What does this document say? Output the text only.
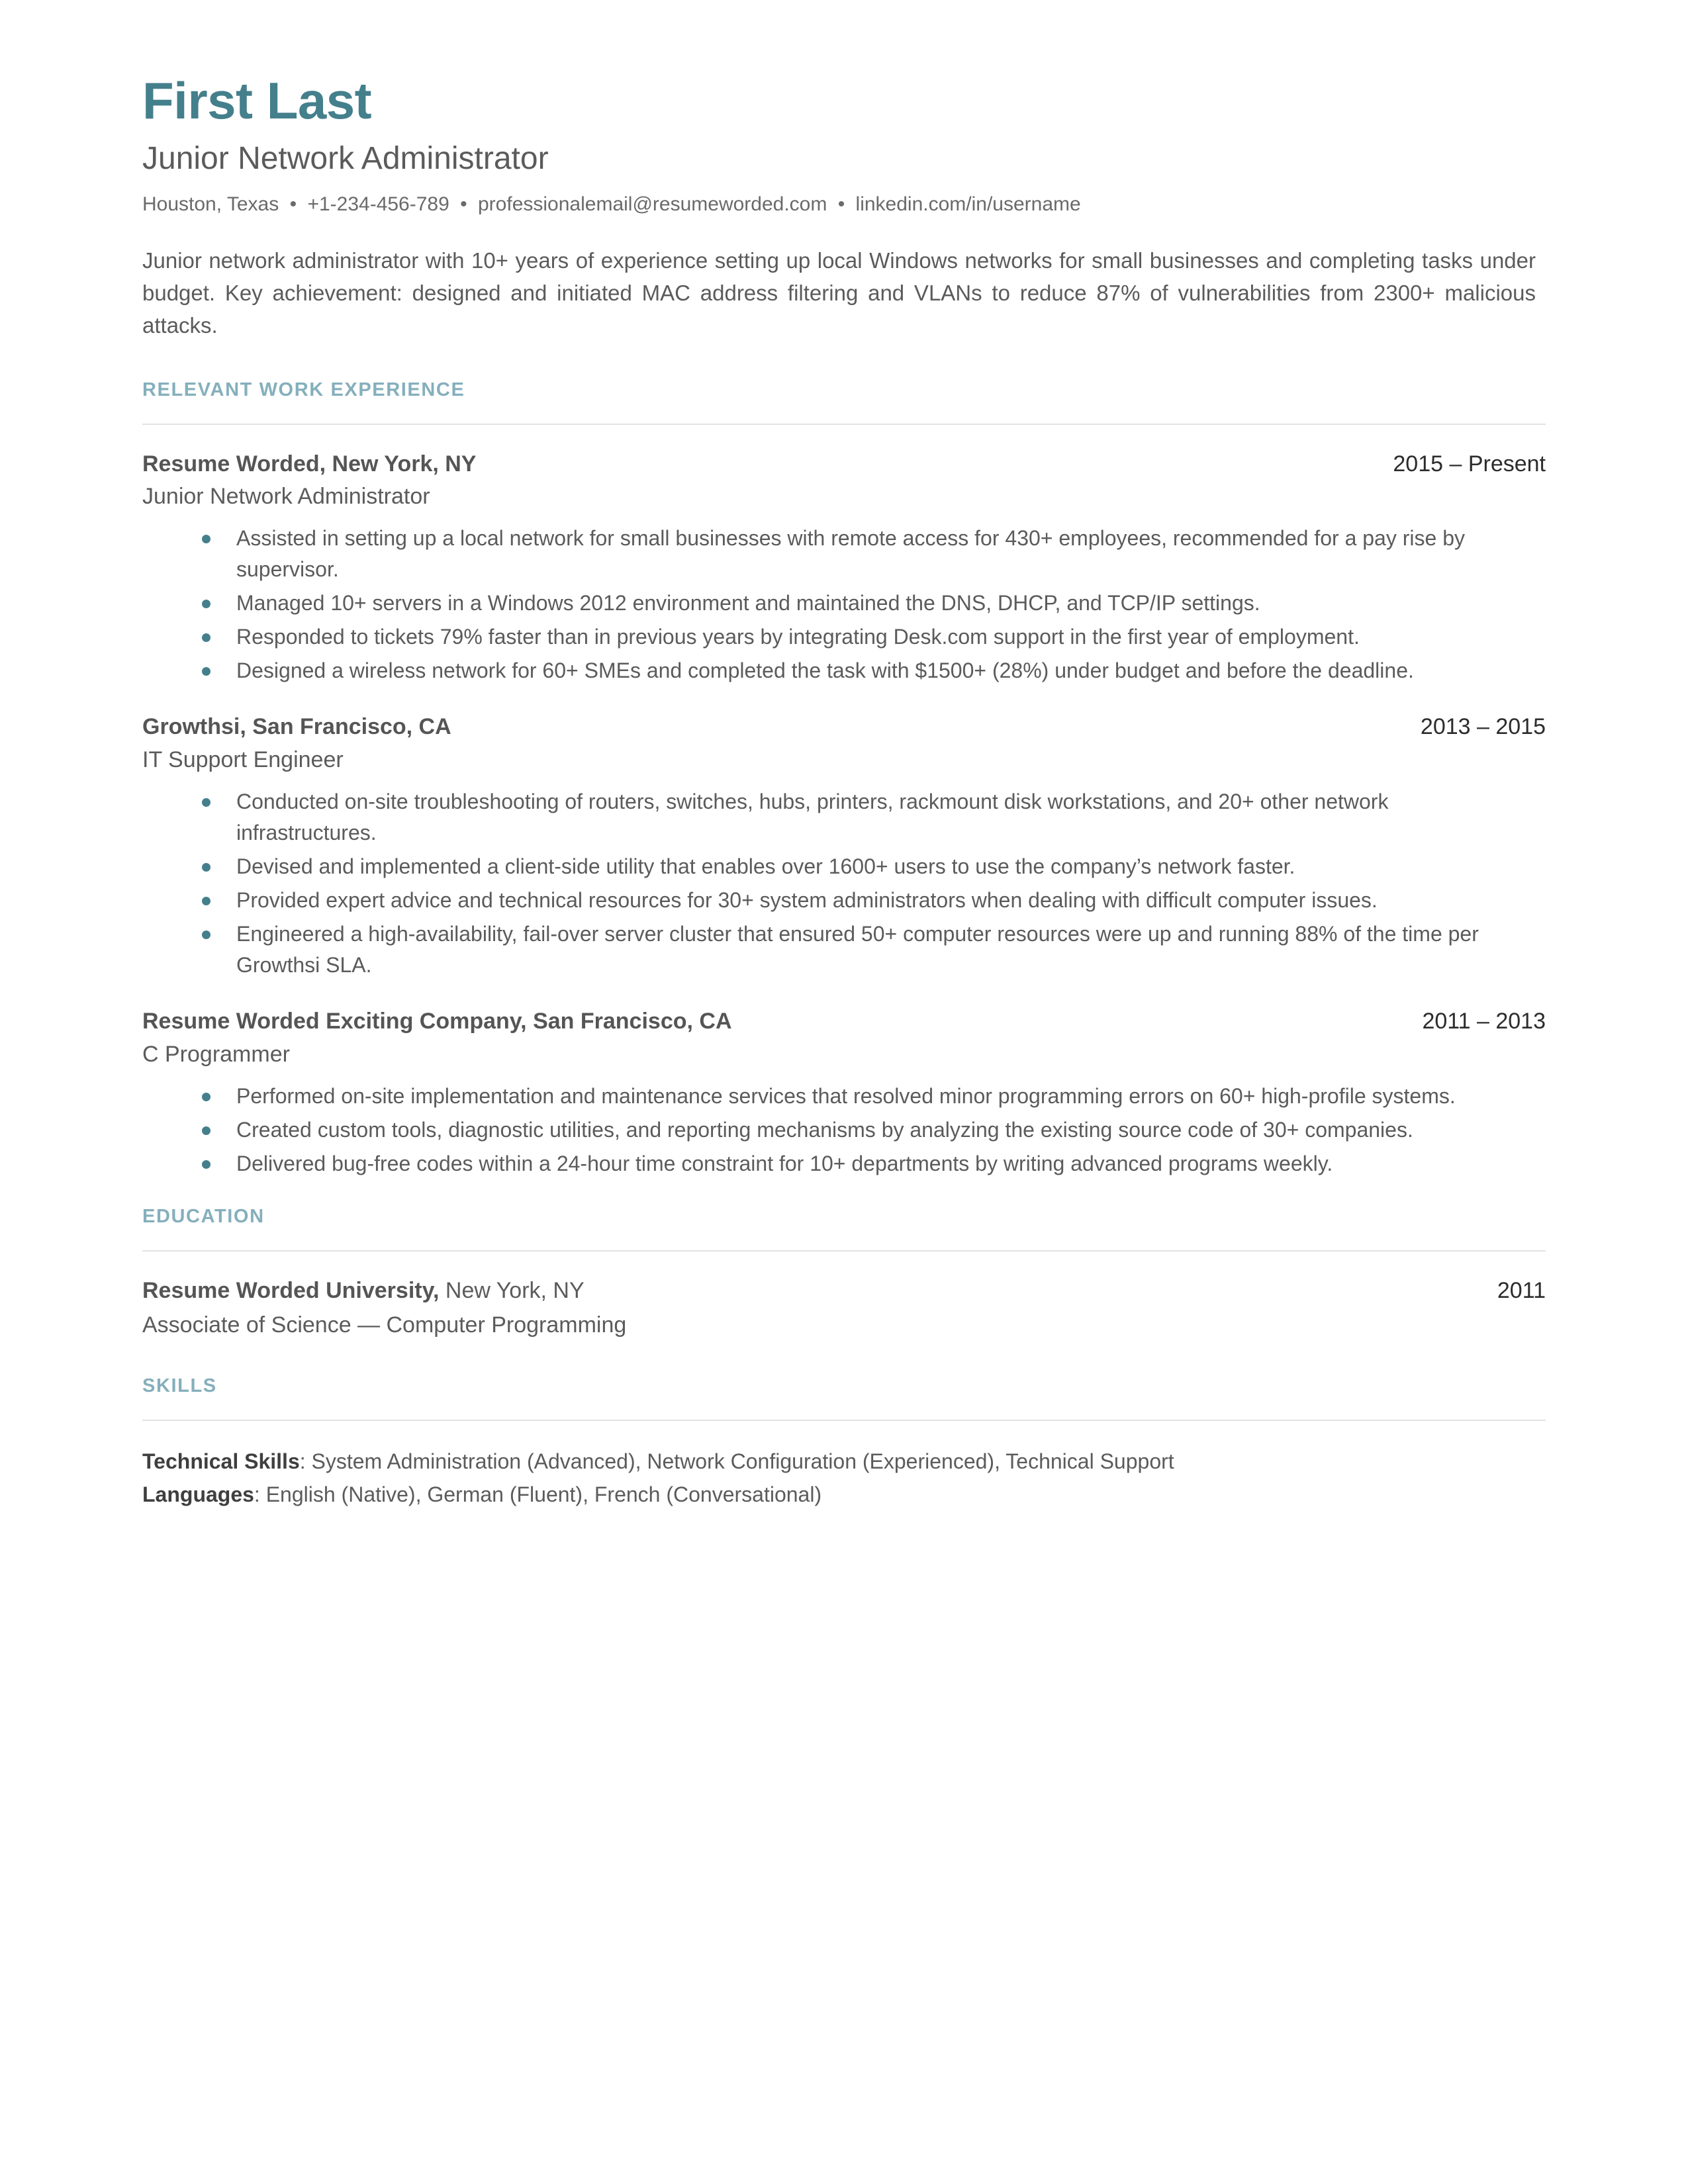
First Last
Junior Network Administrator
Houston, Texas • +1-234-456-789 • professionalemail@resumeworded.com • linkedin.com/in/username

Junior network administrator with 10+ years of experience setting up local Windows networks for small businesses and completing tasks under budget. Key achievement: designed and initiated MAC address filtering and VLANs to reduce 87% of vulnerabilities from 2300+ malicious attacks.

RELEVANT WORK EXPERIENCE
Resume Worded, New York, NY	2015 – Present
Junior Network Administrator
Assisted in setting up a local network for small businesses with remote access for 430+ employees, recommended for a pay rise by supervisor.
Managed 10+ servers in a Windows 2012 environment and maintained the DNS, DHCP, and TCP/IP settings.
Responded to tickets 79% faster than in previous years by integrating Desk.com support in the first year of employment.
Designed a wireless network for 60+ SMEs and completed the task with $1500+ (28%) under budget and before the deadline.
Growthsi, San Francisco, CA	2013 – 2015
IT Support Engineer
Conducted on-site troubleshooting of routers, switches, hubs, printers, rackmount disk workstations, and 20+ other network infrastructures.
Devised and implemented a client-side utility that enables over 1600+ users to use the company’s network faster.
Provided expert advice and technical resources for 30+ system administrators when dealing with difficult computer issues.
Engineered a high-availability, fail-over server cluster that ensured 50+ computer resources were up and running 88% of the time per Growthsi SLA.
Resume Worded Exciting Company, San Francisco, CA	2011 – 2013
C Programmer
Performed on-site implementation and maintenance services that resolved minor programming errors on 60+ high-profile systems.
Created custom tools, diagnostic utilities, and reporting mechanisms by analyzing the existing source code of 30+ companies.
Delivered bug-free codes within a 24-hour time constraint for 10+ departments by writing advanced programs weekly.
EDUCATION
Resume Worded University, New York, NY	2011
Associate of Science — Computer Programming
SKILLS
Technical Skills: System Administration (Advanced), Network Configuration (Experienced), Technical Support
Languages: English (Native), German (Fluent), French (Conversational)
